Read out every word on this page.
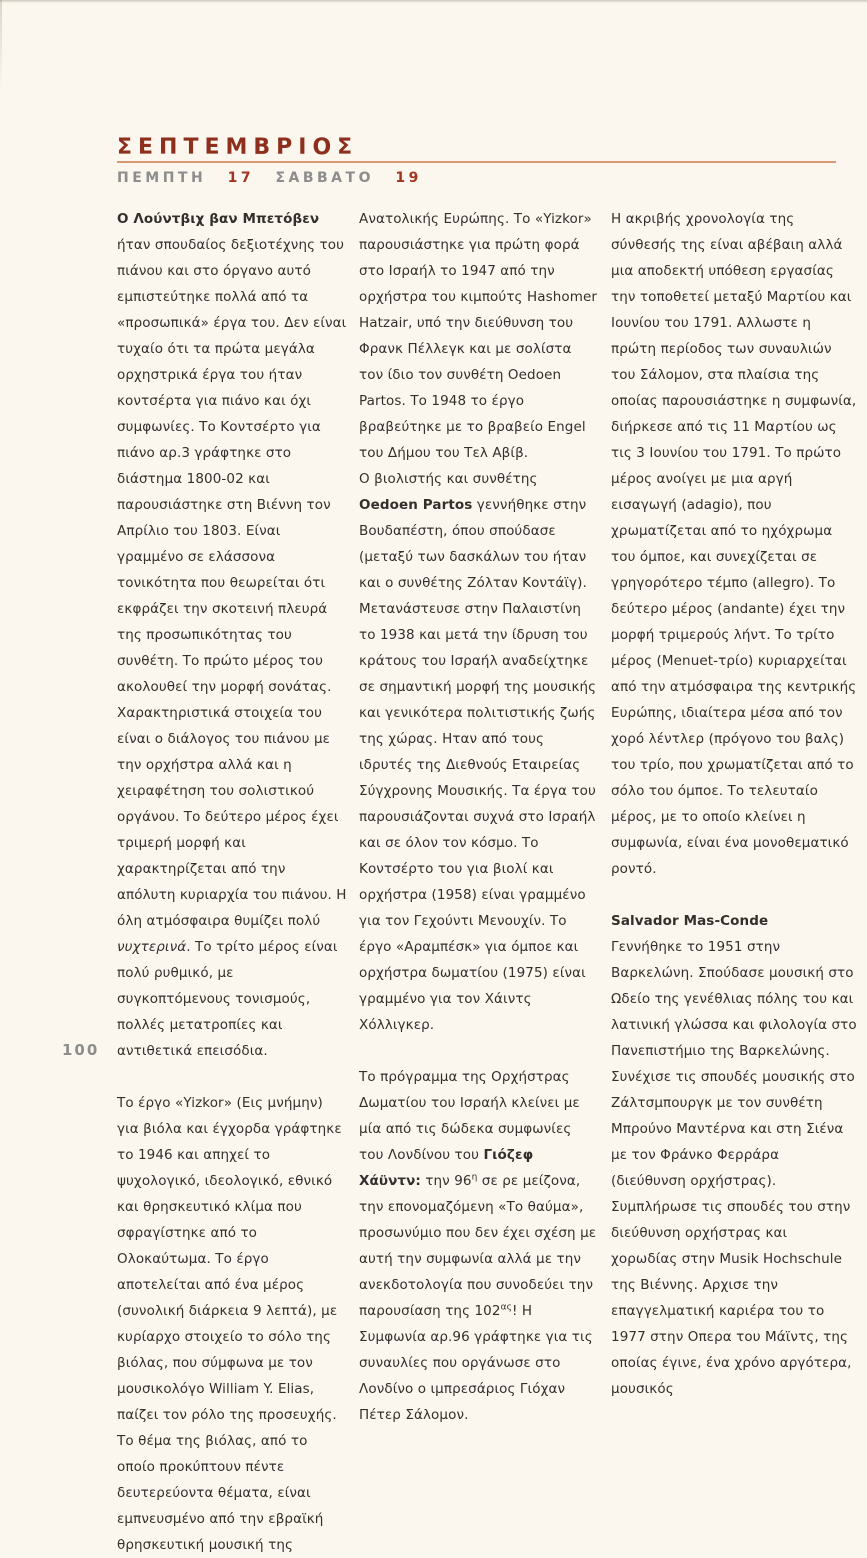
ΣΕΠΤΕΜΒΡΙΟΣ
ΠΕΜΠΤΗ 17 ΣΑΒΒΑΤΟ 19

Ο Λούντβιχ βαν Μπετόβεν ήταν σπουδαίος δεξιοτέχνης του πιάνου και στο όργανο αυτό εμπιστεύτηκε πολλά από τα «προσωπικά» έργα του. Δεν είναι τυχαίο ότι τα πρώτα μεγάλα ορχηστρικά έργα του ήταν κοντσέρτα για πιάνο και όχι συμφωνίες. Το Κοντσέρτο για πιάνο αρ.3 γράφτηκε στο διάστημα 1800-02 και παρουσιάστηκε στη Βιέννη τον Απρίλιο του 1803. Είναι γραμμένο σε ελάσσονα τονικότητα που θεωρείται ότι εκφράζει την σκοτεινή πλευρά της προσωπικότητας του συνθέτη. Το πρώτο μέρος του ακολουθεί την μορφή σονάτας. Χαρακτηριστικά στοιχεία του είναι ο διάλογος του πιάνου με την ορχήστρα αλλά και η χειραφέτηση του σολιστικού οργάνου. Το δεύτερο μέρος έχει τριμερή μορφή και χαρακτηρίζεται από την απόλυτη κυριαρχία του πιάνου. Η όλη ατμόσφαιρα θυμίζει πολύ νυχτερινά. Το τρίτο μέρος είναι πολύ ρυθμικό, με συγκοπτόμενους τονισμούς, πολλές μετατροπίες και αντιθετικά επεισόδια.

Το έργο «Yizkor» (Εις μνήμην) για βιόλα και έγχορδα γράφτηκε το 1946 και απηχεί το ψυχολογικό, ιδεολογικό, εθνικό και θρησκευτικό κλίμα που σφραγίστηκε από το Ολοκαύτωμα. Το έργο αποτελείται από ένα μέρος (συνολική διάρκεια 9 λεπτά), με κυρίαρχο στοιχείο το σόλο της βιόλας, που σύμφωνα με τον μουσικολόγο William Y. Elias, παίζει τον ρόλο της προσευχής. Το θέμα της βιόλας, από το οποίο προκύπτουν πέντε δευτερεύοντα θέματα, είναι εμπνευσμένο από την εβραϊκή θρησκευτική μουσική της

Ανατολικής Ευρώπης. Το «Yizkor» παρουσιάστηκε για πρώτη φορά στο Ισραήλ το 1947 από την ορχήστρα του κιμπούτς Hashomer Hatzair, υπό την διεύθυνση του Φρανκ Πέλλεγκ και με σολίστα τον ίδιο τον συνθέτη Oedoen Partos. Το 1948 το έργο βραβεύτηκε με το βραβείο Engel του Δήμου του Τελ Αβίβ.

Ο βιολιστής και συνθέτης Oedoen Partos γεννήθηκε στην Βουδαπέστη, όπου σπούδασε (μεταξύ των δασκάλων του ήταν και ο συνθέτης Ζόλταν Κοντάϊγ). Μετανάστευσε στην Παλαιστίνη το 1938 και μετά την ίδρυση του κράτους του Ισραήλ αναδείχτηκε σε σημαντική μορφή της μουσικής και γενικότερα πολιτιστικής ζωής της χώρας. Ηταν από τους ιδρυτές της Διεθνούς Εταιρείας Σύγχρονης Μουσικής. Τα έργα του παρουσιάζονται συχνά στο Ισραήλ και σε όλον τον κόσμο. Το Κοντσέρτο του για βιολί και ορχήστρα (1958) είναι γραμμένο για τον Γεχούντι Μενουχίν. Το έργο «Αραμπέσκ» για όμποε και ορχήστρα δωματίου (1975) είναι γραμμένο για τον Χάιντς Χόλλιγκερ.

Το πρόγραμμα της Ορχήστρας Δωματίου του Ισραήλ κλείνει με μία από τις δώδεκα συμφωνίες του Λονδίνου του Γιόζεφ Χάϋντν: την $96^\eta$ σε ρε μείζονα, την επονομαζόμενη «Το θαύμα», προσωνύμιο που δεν έχει σχέση με αυτή την συμφωνία αλλά με την ανεκδοτολογία που συνοδεύει την παρουσίαση της $102^{\alpha\varsigma}$! Η Συμφωνία αρ.96 γράφτηκε για τις συναυλίες που οργάνωσε στο Λονδίνο ο ιμπρεσάριος Γιόχαν Πέτερ Σάλομον.

Η ακριβής χρονολογία της σύνθεσής της είναι αβέβαιη αλλά μια αποδεκτή υπόθεση εργασίας την τοποθετεί μεταξύ Μαρτίου και Ιουνίου του 1791. Αλλωστε η πρώτη περίοδος των συναυλιών του Σάλομον, στα πλαίσια της οποίας παρουσιάστηκε η συμφωνία, διήρκεσε από τις 11 Μαρτίου ως τις 3 Ιουνίου του 1791. Το πρώτο μέρος ανοίγει με μια αργή εισαγωγή (adagio), που χρωματίζεται από το ηχόχρωμα του όμποε, και συνεχίζεται σε γρηγορότερο τέμπο (allegro). Το δεύτερο μέρος (andante) έχει την μορφή τριμερούς λήντ. Το τρίτο μέρος (Menuet-τρίο) κυριαρχείται από την ατμόσφαιρα της κεντρικής Ευρώπης, ιδιαίτερα μέσα από τον χορό λέντλερ (πρόγονο του βαλς) του τρίο, που χρωματίζεται από το σόλο του όμποε. Το τελευταίο μέρος, με το οποίο κλείνει η συμφωνία, είναι ένα μονοθεματικό ροντό.

Salvador Mas-Conde

Γεννήθηκε το 1951 στην Βαρκελώνη. Σπούδασε μουσική στο Ωδείο της γενέθλιας πόλης του και λατινική γλώσσα και φιλολογία στο Πανεπιστήμιο της Βαρκελώνης. Συνέχισε τις σπουδές μουσικής στο Ζάλτσμπουργκ με τον συνθέτη Μπρούνο Μαντέρνα και στη Σιένα με τον Φράνκο Φερράρα (διεύθυνση ορχήστρας). Συμπλήρωσε τις σπουδές του στην διεύθυνση ορχήστρας και χορωδίας στην Musik Hochschule της Βιέννης. Αρχισε την επαγγελματική καριέρα του το 1977 στην Οπερα του Μάϊντς, της οποίας έγινε, ένα χρόνο αργότερα, μουσικός

100
